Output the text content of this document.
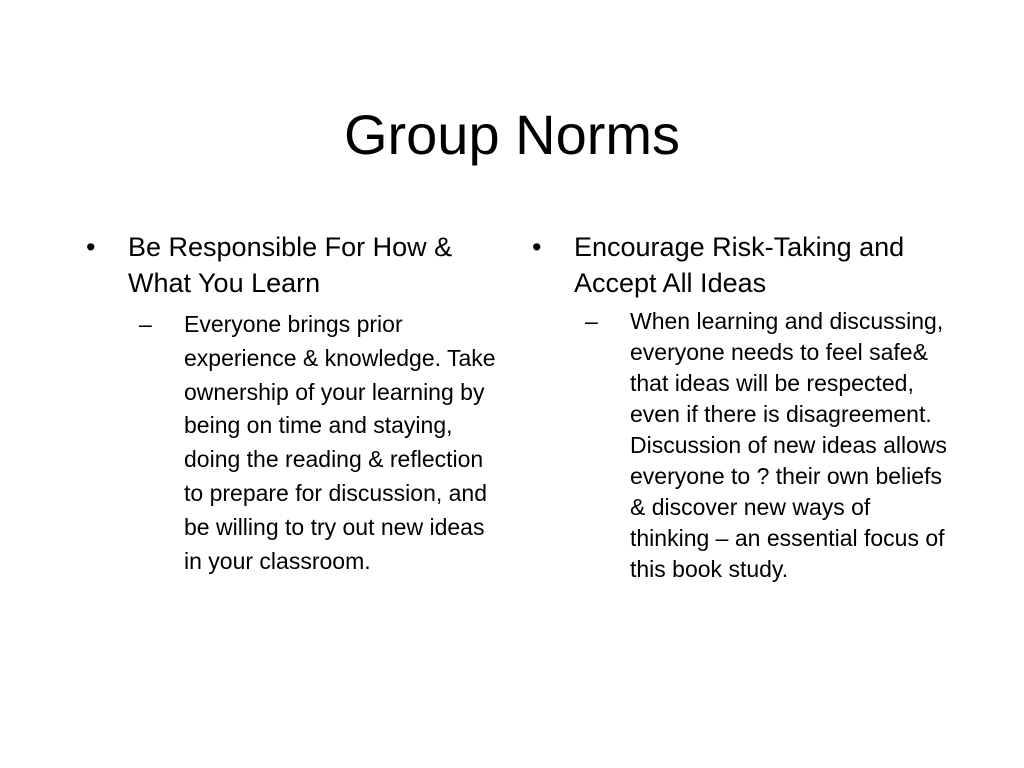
Group Norms
•	Be Responsible For How & What You Learn
–	Everyone brings prior experience & knowledge. Take ownership of your learning by being on time and staying, doing the reading & reflection to prepare for discussion, and be willing to try out new ideas in your classroom.
•	Encourage Risk-Taking and Accept All Ideas
–	When learning and discussing, everyone needs to feel safe& that ideas will be respected, even if there is disagreement. Discussion of new ideas allows everyone to ? their own beliefs & discover new ways of thinking – an essential focus of this book study.
